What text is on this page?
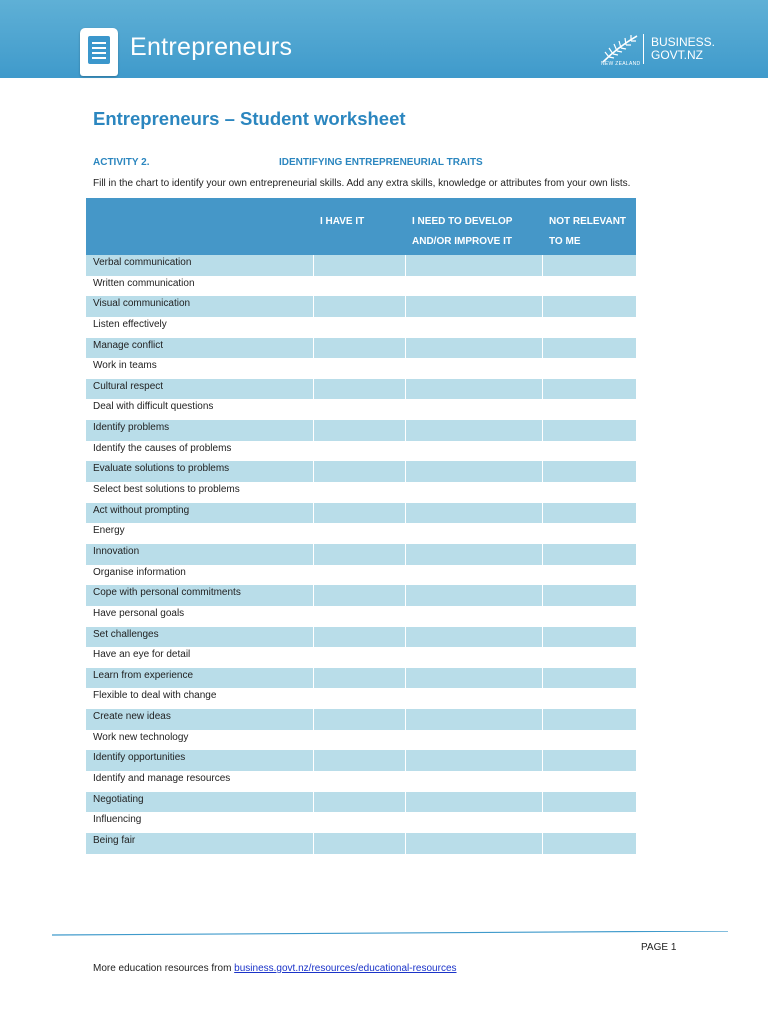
Entrepreneurs
NEW ZEALAND
BUSINESS.
GOVT.NZ
Entrepreneurs – Student worksheet
ACTIVITY 2.	IDENTIFYING ENTREPRENEURIAL TRAITS
Fill in the chart to identify your own entrepreneurial skills. Add any extra skills, knowledge or attributes from your own lists.
	I HAVE IT	I NEED TO DEVELOP AND/OR IMPROVE IT	NOT RELEVANT TO ME
Verbal communication			
Written communication			
Visual communication			
Listen effectively			
Manage conflict			
Work in teams			
Cultural respect			
Deal with difficult questions			
Identify problems			
Identify the causes of problems			
Evaluate solutions to problems			
Select best solutions to problems			
Act without prompting			
Energy			
Innovation			
Organise information			
Cope with personal commitments			
Have personal goals			
Set challenges			
Have an eye for detail			
Learn from experience			
Flexible to deal with change			
Create new ideas			
Work new technology			
Identify opportunities			
Identify and manage resources			
Negotiating			
Influencing			
Being fair			
PAGE 1
More education resources from business.govt.nz/resources/educational-resources
